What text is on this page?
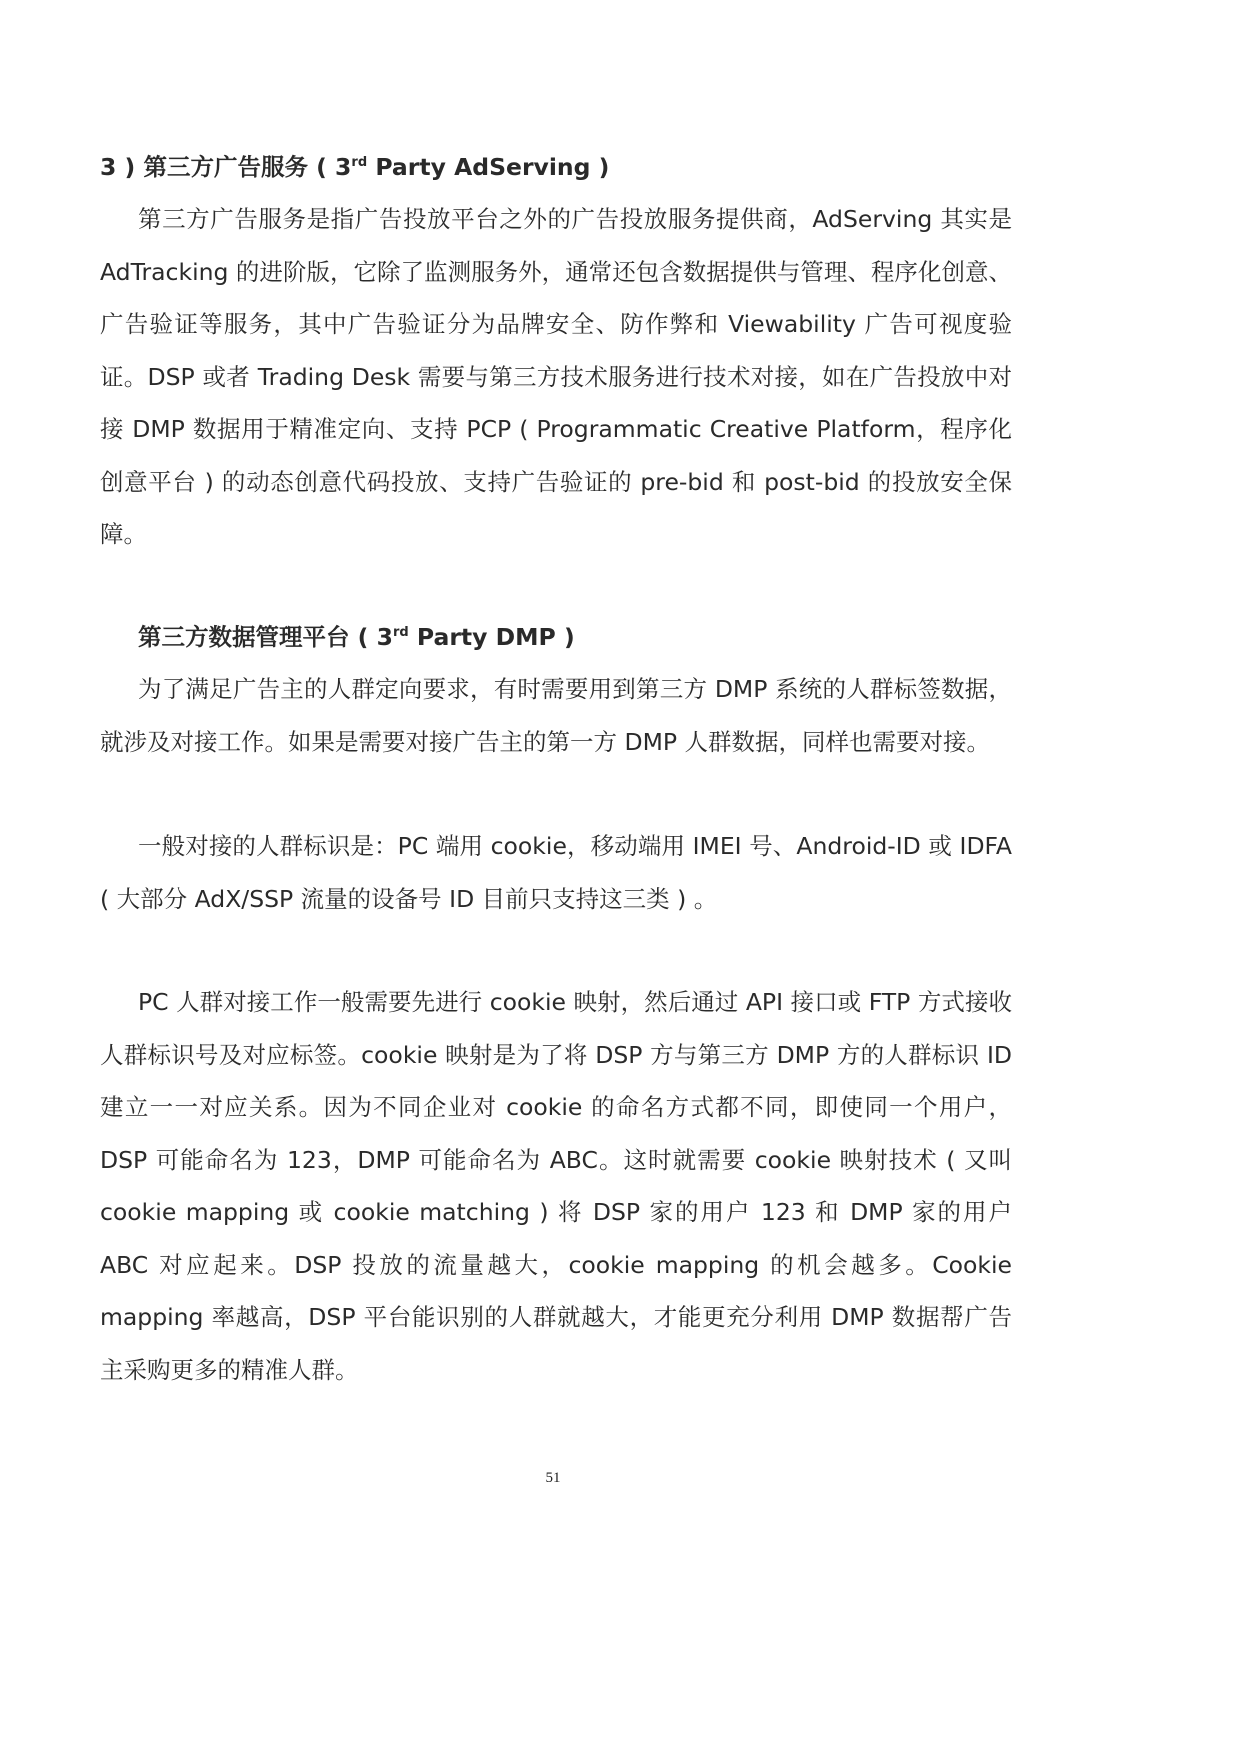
3 ) 第三方广告服务 ( 3rd Party AdServing )

第三方广告服务是指广告投放平台之外的广告投放服务提供商，AdServing 其实是 AdTracking 的进阶版，它除了监测服务外，通常还包含数据提供与管理、程序化创意、广告验证等服务，其中广告验证分为品牌安全、防作弊和 Viewability 广告可视度验证。DSP 或者 Trading Desk 需要与第三方技术服务进行技术对接，如在广告投放中对接 DMP 数据用于精准定向、支持 PCP ( Programmatic Creative Platform，程序化创意平台 ) 的动态创意代码投放、支持广告验证的 pre-bid 和 post-bid 的投放安全保障。

第三方数据管理平台 ( 3rd Party DMP )

为了满足广告主的人群定向要求，有时需要用到第三方 DMP 系统的人群标签数据，就涉及对接工作。如果是需要对接广告主的第一方 DMP 人群数据，同样也需要对接。

一般对接的人群标识是：PC 端用 cookie，移动端用 IMEI 号、Android-ID 或 IDFA ( 大部分 AdX/SSP 流量的设备号 ID 目前只支持这三类 ) 。

PC 人群对接工作一般需要先进行 cookie 映射，然后通过 API 接口或 FTP 方式接收人群标识号及对应标签。cookie 映射是为了将 DSP 方与第三方 DMP 方的人群标识 ID 建立一一对应关系。因为不同企业对 cookie 的命名方式都不同，即使同一个用户，DSP 可能命名为 123，DMP 可能命名为 ABC。这时就需要 cookie 映射技术 ( 又叫 cookie mapping 或 cookie matching ) 将 DSP 家的用户 123 和 DMP 家的用户 ABC 对应起来。DSP 投放的流量越大，cookie mapping 的机会越多。Cookie mapping 率越高，DSP 平台能识别的人群就越大，才能更充分利用 DMP 数据帮广告主采购更多的精准人群。

51
